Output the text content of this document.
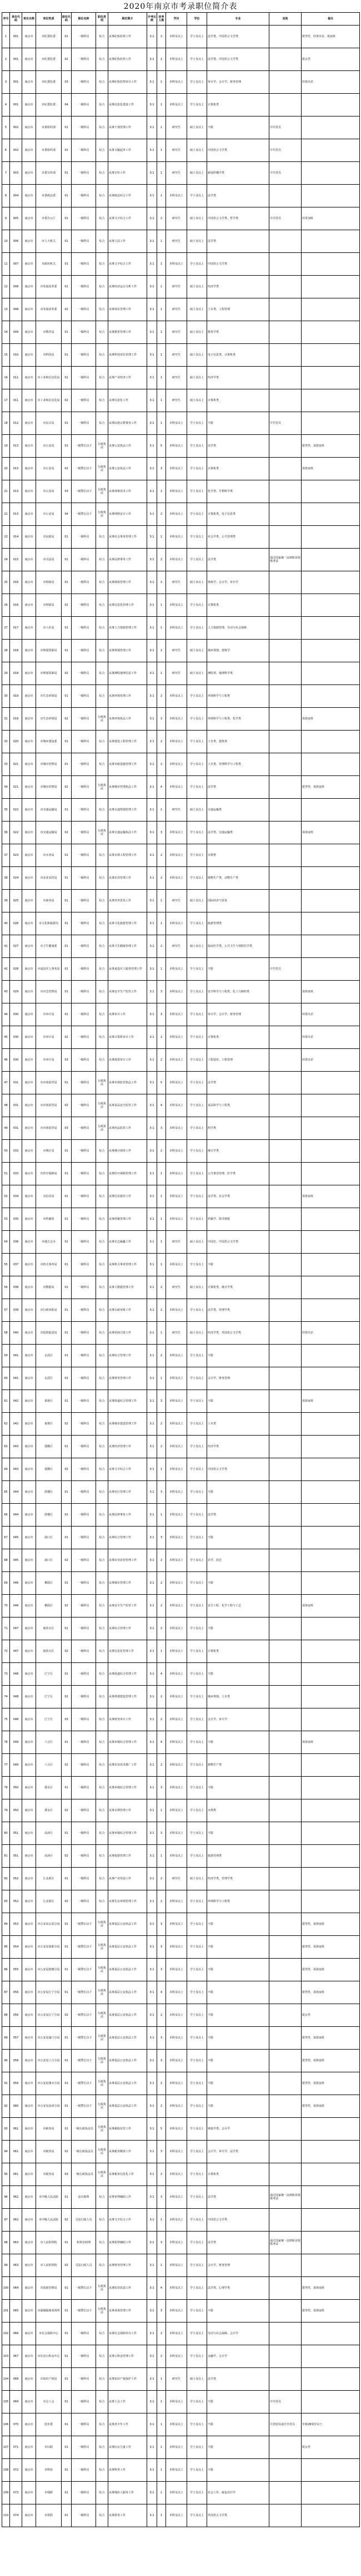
2020年南京市考录职位简介表
序号	单位代码	单位名称	单位性质	职位代码	职位名称	职位类别	职位简介	开考比例	招考人数	学历	学位	专业	其他	备注
1	001	南京市	市纪委监委	01	一级科员	综合	从事纪检监察工作	3:1	2	本科及以上	学士及以上	法学类、中国语言文学类		限男性，经常出差、值夜班
2	001	南京市	市纪委监委	02	一级科员	综合	从事纪检监察工作	3:1	2	本科及以上	学士及以上	法学类、中国语言文学类		限女性
3	001	南京市	市纪委监委	03	一级科员	综合	从事纪检监察审计工作	3:1	1	本科及以上	学士及以上	审计学、会计学、财务管理		经常出差
4	001	南京市	市纪委监委	04	一级科员	综合	从事信息化建设工作	3:1	1	本科及以上	学士及以上	计算机类		
5	002	南京市	市委组织部	01	一级科员	综合	从事干部管理工作	3:1	1	研究生	硕士及以上	不限	中共党员	
6	002	南京市	市委组织部	02	一级科员	综合	从事文稿起草工作	3:1	1	研究生	硕士及以上	中国语言文学类	中共党员	
7	003	南京市	市委宣传部	01	一级科员	综合	从事宣传工作	3:1	1	研究生	硕士及以上	新闻传播学类	中共党员	
8	004	南京市	市委政法委	01	一级科员	综合	从事政法综合工作	3:1	1	本科及以上	学士及以上	法学类		
9	005	南京市	市委办公厅	01	一级科员	综合	从事文字综合工作	3:1	2	研究生	硕士及以上	中国语言文学类、哲学类	中共党员	经常加班
10	006	南京市	市人大机关	01	一级科员	综合	从事立法工作	3:1	1	研究生	硕士及以上	法学类		
11	007	南京市	市政协机关	01	一级科员	综合	从事文字综合工作	3:1	1	本科及以上	学士及以上	中国语言文学类		
12	008	南京市	市发展改革委	01	一级科员	综合	从事经济运行分析工作	3:1	1	研究生	硕士及以上	经济学类		
13	008	南京市	市发展改革委	02	一级科员	综合	从事项目管理工作	3:1	1	研究生	硕士及以上	土木类、工程管理		
14	009	南京市	市教育局	01	一级科员	综合	从事教育管理工作	3:1	1	研究生	硕士及以上	教育学类		
15	010	南京市	市科技局	01	一级科员	综合	从事科技项目管理工作	3:1	1	研究生	硕士及以上	电子信息类、计算机类		
16	011	南京市	市工业和信息化局	01	一级科员	综合	从事产业经济工作	3:1	1	研究生	硕士及以上	经济学类		
17	011	南京市	市工业和信息化局	02	一级科员	综合	从事信息化工作	3:1	1	研究生	硕士及以上	计算机类		
18	012	南京市	市民宗局	01	一级科员	综合	从事民族宗教事务工作	3:1	1	本科及以上	学士及以上	不限	中共党员	
19	013	南京市	市公安局	01	一级警长以下	行政执法	从事公安执法工作	3:1	5	本科及以上	学士及以上	法学类		限男性，需值夜班
20	013	南京市	市公安局	02	一级警长以下	行政执法	从事公安执法工作	3:1	3	本科及以上	学士及以上	计算机类		需值夜班
21	013	南京市	市公安局	03	一级警长以下	行政执法	从事刑事技术工作	3:1	2	本科及以上	学士及以上	化学类、生物科学类		
22	013	南京市	市公安局	04	一级警长以下	行政执法	从事网络安全工作	3:1	2	本科及以上	学士及以上	计算机类、电子信息类		
23	014	南京市	市民政局	01	一级科员	综合	从事社会事务管理工作	3:1	1	本科及以上	学士及以上	社会学类、公共管理类		
24	015	南京市	市司法局	01	一级科员	综合	从事法律事务工作	3:1	2	本科及以上	学士及以上	法学类	通过国家统一法律职业资格考试	
25	016	南京市	市财政局	01	一级科员	综合	从事财政管理工作	3:1	2	研究生	硕士及以上	财政学、会计学、审计学		
26	016	南京市	市财政局	02	一级科员	综合	从事信息化管理工作	3:1	1	本科及以上	学士及以上	计算机类		
27	017	南京市	市人社局	01	一级科员	综合	从事人力资源管理工作	3:1	1	本科及以上	学士及以上	人力资源管理、劳动与社会保障		
28	018	南京市	市规划资源局	01	一级科员	综合	从事规划管理工作	3:1	2	研究生	硕士及以上	城乡规划、建筑学		
29	018	南京市	市规划资源局	02	一级科员	综合	从事测绘地理信息工作	3:1	1	研究生	硕士及以上	测绘类、地理科学类		
30	019	南京市	市生态环境局	01	一级科员	综合	从事环境管理工作	3:1	2	本科及以上	学士及以上	环境科学与工程类		
31	019	南京市	市生态环境局	02	一级科员	行政执法	从事环境执法工作	3:1	3	本科及以上	学士及以上	环境科学与工程类、化学类		需值夜班
32	020	南京市	市城乡建设委	01	一级科员	综合	从事建设工程管理工作	3:1	2	本科及以上	学士及以上	土木类、建筑类		
33	021	南京市	市城市管理局	01	一级科员	综合	从事市政设施管理工作	3:1	2	本科及以上	学士及以上	土木类、管理科学与工程类		
34	021	南京市	市城市管理局	02	一级科员	行政执法	从事城市管理执法工作	3:1	4	本科及以上	学士及以上	法学类		限男性，需值夜班
35	022	南京市	市交通运输局	01	一级科员	综合	从事交通规划管理工作	3:1	1	研究生	硕士及以上	交通运输类		
36	022	南京市	市交通运输局	02	一级科员	行政执法	从事交通运输执法工作	3:1	3	本科及以上	学士及以上	法学类、交通运输类		需值夜班
37	023	南京市	市水务局	01	一级科员	综合	从事水利工程管理工作	3:1	2	本科及以上	学士及以上	水利类		
38	024	南京市	市农业农村局	01	一级科员	综合	从事农业管理工作	3:1	2	本科及以上	学士及以上	植物生产类、动物生产类		
39	025	南京市	市商务局	01	一级科员	综合	从事对外贸易工作	3:1	1	研究生	硕士及以上	国际经济与贸易		
40	026	南京市	市文化和旅游局	01	一级科员	综合	从事文化旅游管理工作	3:1	1	本科及以上	学士及以上	旅游管理类		
41	027	南京市	市卫生健康委	01	一级科员	综合	从事卫生健康管理工作	3:1	2	研究生	硕士及以上	临床医学类、公共卫生与预防医学类		
42	028	南京市	市退役军人事务局	01	一级科员	综合	从事退役军人服务管理工作	3:1	1	本科及以上	学士及以上	不限	中共党员	
43	029	南京市	市应急管理局	01	一级科员	综合	从事安全生产监管工作	3:1	3	本科及以上	学士及以上	安全科学与工程类、化工与制药类		需值夜班
44	030	南京市	市审计局	01	一级科员	综合	从事审计工作	3:1	3	本科及以上	学士及以上	审计学、会计学、财务管理		经常出差
45	030	南京市	市审计局	02	一级科员	综合	从事计算机审计工作	3:1	2	本科及以上	学士及以上	计算机类		经常出差
46	030	南京市	市审计局	03	一级科员	综合	从事投资审计工作	3:1	2	本科及以上	学士及以上	工程造价、工程管理		经常出差
47	031	南京市	市市场监管局	01	一级科员	行政执法	从事市场监管执法工作	3:1	5	本科及以上	学士及以上	法学类		
48	031	南京市	市市场监管局	02	一级科员	行政执法	从事食品安全监管工作	3:1	4	本科及以上	学士及以上	食品科学与工程类		
49	031	南京市	市市场监管局	03	一级科员	行政执法	从事药品监管工作	3:1	3	本科及以上	学士及以上	药学类		
50	032	南京市	市统计局	01	一级科员	综合	从事统计调查工作	3:1	2	本科及以上	学士及以上	统计学类		
51	033	南京市	市医疗保障局	01	一级科员	综合	从事医疗保障管理工作	3:1	1	本科及以上	学士及以上	公共事业管理、医学类		
52	034	南京市	市信访局	01	一级科员	综合	从事信访接待工作	3:1	1	本科及以上	学士及以上	法学类、社会学类		需值夜班
53	035	南京市	市档案馆	01	一级科员	综合	从事档案管理工作	3:1	1	本科及以上	学士及以上	档案学、图书情报		
54	036	南京市	市地方志办	01	一级科员	综合	从事史志编纂工作	3:1	1	研究生	硕士及以上	中国史、中国语言文学类		
55	037	南京市	市机关事务局	01	一级科员	综合	从事机关事务管理工作	3:1	1	本科及以上	学士及以上	不限		
56	038	南京市	市数据局	01	一级科员	综合	从事大数据管理工作	3:1	2	研究生	硕士及以上	计算机类、统计学类		
57	039	南京市	市行政审批局	01	一级科员	综合	从事行政审批工作	3:1	2	本科及以上	学士及以上	法学类、管理学类		
58	040	南京市	市投资促进局	01	一级科员	综合	从事招商引资工作	3:1	1	研究生	硕士及以上	经济学类、外国语言文学类		经常出差
59	041	南京市	玄武区	01	一级科员	综合	从事综合管理工作	3:1	2	本科及以上	学士及以上	不限		
60	041	南京市	玄武区	02	一级科员	综合	从事财务管理工作	3:1	1	本科及以上	学士及以上	会计学、财务管理		
61	042	南京市	秦淮区	01	一级科员	综合	从事街道综合管理工作	3:1	3	本科及以上	学士及以上	不限		需值夜班
62	042	南京市	秦淮区	02	一级科员	综合	从事城市建设管理工作	3:1	2	本科及以上	学士及以上	土木类		
63	043	南京市	建邺区	01	一级科员	综合	从事经济管理工作	3:1	2	本科及以上	学士及以上	经济学类		
64	043	南京市	建邺区	02	一级科员	综合	从事文字综合工作	3:1	1	本科及以上	学士及以上	中国语言文学类		
65	044	南京市	鼓楼区	01	一级科员	综合	从事社区管理工作	3:1	3	本科及以上	学士及以上	不限		
66	044	南京市	鼓楼区	02	一级科员	综合	从事法律事务工作	3:1	1	本科及以上	学士及以上	法学类		
67	045	南京市	浦口区	01	一级科员	综合	从事综合管理工作	3:1	3	本科及以上	学士及以上	不限		
68	045	南京市	浦口区	02	一级科员	综合	从事农业农村管理工作	3:1	2	本科及以上	学士及以上	农学、园艺		
69	046	南京市	栖霞区	01	一级科员	综合	从事城市管理工作	3:1	2	本科及以上	学士及以上	不限		
70	046	南京市	栖霞区	02	一级科员	综合	从事安全生产监管工作	3:1	2	本科及以上	学士及以上	安全工程、化学工程与工艺		需值夜班
71	047	南京市	雨花台区	01	一级科员	综合	从事综合管理工作	3:1	2	本科及以上	学士及以上	不限		
72	047	南京市	雨花台区	02	一级科员	综合	从事信息化管理工作	3:1	1	本科及以上	学士及以上	计算机类		
73	048	南京市	江宁区	01	一级科员	综合	从事街道综合管理工作	3:1	4	本科及以上	学士及以上	不限		
74	048	南京市	江宁区	02	一级科员	综合	从事规划建设管理工作	3:1	2	本科及以上	学士及以上	城乡规划、土木类		
75	048	南京市	江宁区	03	一级科员	综合	从事财务审计工作	3:1	2	本科及以上	学士及以上	会计学、审计学		
76	049	南京市	六合区	01	一级科员	综合	从事乡镇综合管理工作	3:1	4	本科及以上	学士及以上	不限		需值夜班
77	049	南京市	六合区	02	一级科员	综合	从事农业技术推广工作	3:1	2	本科及以上	学士及以上	植物生产类		
78	050	南京市	溧水区	01	一级科员	综合	从事乡镇综合管理工作	3:1	3	本科及以上	学士及以上	不限		
79	050	南京市	溧水区	02	一级科员	综合	从事水利管理工作	3:1	1	本科及以上	学士及以上	水利类		
80	051	南京市	高淳区	01	一级科员	综合	从事乡镇综合管理工作	3:1	3	本科及以上	学士及以上	不限		
81	051	南京市	高淳区	02	一级科员	综合	从事旅游管理工作	3:1	1	本科及以上	学士及以上	旅游管理类		
82	052	南京市	江北新区	01	一级科员	综合	从事产业发展工作	3:1	2	研究生	硕士及以上	经济学类、管理学类		
83	052	南京市	江北新区	02	一级科员	综合	从事生态环境管理工作	3:1	2	本科及以上	学士及以上	环境科学与工程类		
84	053	南京市	市公安局玄武分局	01	一级警长以下	行政执法	从事基层公安执法工作	3:1	3	本科及以上	学士及以上	不限		限男性，需值夜班
85	054	南京市	市公安局秦淮分局	01	一级警长以下	行政执法	从事基层公安执法工作	3:1	3	本科及以上	学士及以上	不限		限男性，需值夜班
86	055	南京市	市公安局鼓楼分局	01	一级警长以下	行政执法	从事基层公安执法工作	3:1	3	本科及以上	学士及以上	不限		限男性，需值夜班
87	056	南京市	市公安局江宁分局	01	一级警长以下	行政执法	从事基层公安执法工作	3:1	4	本科及以上	学士及以上	不限		限男性，需值夜班
88	056	南京市	市公安局江宁分局	02	一级警长以下	行政执法	从事基层公安执法工作	3:1	2	本科及以上	学士及以上	不限		限女性
89	057	南京市	市公安局浦口分局	01	一级警长以下	行政执法	从事基层公安执法工作	3:1	3	本科及以上	学士及以上	不限		限男性，需值夜班
90	058	南京市	市公安局六合分局	01	一级警长以下	行政执法	从事基层公安执法工作	3:1	3	本科及以上	学士及以上	不限		限男性，需值夜班
91	059	南京市	市公安局溧水分局	01	一级警长以下	行政执法	从事基层公安执法工作	3:1	2	本科及以上	学士及以上	不限		限男性，需值夜班
92	060	南京市	市公安局高淳分局	01	一级警长以下	行政执法	从事基层公安执法工作	3:1	2	本科及以上	学士及以上	不限		限男性，需值夜班
93	061	南京市	市税务局	01	一级行政执法员	行政执法	从事税收征管工作	3:1	5	本科及以上	学士及以上	财政学类、会计学		
94	061	南京市	市税务局	02	一级行政执法员	行政执法	从事税务稽查工作	3:1	3	本科及以上	学士及以上	会计学、审计学、法学类		
95	061	南京市	市税务局	03	一级行政执法员	行政执法	从事税务信息化工作	3:1	2	本科及以上	学士及以上	计算机类		
96	062	南京市	市中级人民法院	01	法官助理	综合	从事审判辅助工作	3:1	3	本科及以上	学士及以上	法学类	通过国家统一法律职业资格考试	
97	062	南京市	市中级人民法院	02	司法行政人员	综合	从事文字综合工作	3:1	1	本科及以上	学士及以上	中国语言文学类		
98	063	南京市	市人民检察院	01	检察官助理	综合	从事检察辅助工作	3:1	3	本科及以上	学士及以上	法学类	通过国家统一法律职业资格考试	
99	063	南京市	市人民检察院	02	司法行政人员	综合	从事财务管理工作	3:1	1	本科及以上	学士及以上	会计学、财务管理		
100	064	南京市	市监狱管理局	01	一级警长以下	行政执法	从事监管改造工作	3:1	4	本科及以上	学士及以上	法学类、心理学类		限男性，需值夜班
101	065	南京市	市强制隔离戒毒所	01	一级警长以下	行政执法	从事戒毒管理工作	3:1	3	本科及以上	学士及以上	不限		限男性，需值夜班
102	066	南京市	市社会保险中心	01	一级科员	综合	从事社会保险经办工作	3:1	2	本科及以上	学士及以上	劳动与社会保障、会计学		
103	067	南京市	市住房公积金中心	01	一级科员	综合	从事公积金管理工作	3:1	2	本科及以上	学士及以上	金融学、会计学		
104	068	南京市	市知识产权局	01	一级科员	综合	从事知识产权保护工作	3:1	1	研究生	硕士及以上	法学类		
105	069	南京市	市总工会	01	一级科员	综合	从事工会工作	3:1	1	本科及以上	学士及以上	不限	中共党员	
106	070	南京市	团市委	01	一级科员	综合	从事青少年工作	3:1	1	本科及以上	学士及以上	不限	共青团员或中共党员	年龄28周岁以下
107	071	南京市	市妇联	01	一级科员	综合	从事妇女儿童工作	3:1	1	本科及以上	学士及以上	不限		限女性
108	072	南京市	市科协	01	一级科员	综合	从事科普工作	3:1	1	本科及以上	学士及以上	不限		
109	073	南京市	市残联	01	一级科员	综合	从事残疾人服务工作	3:1	1	本科及以上	学士及以上	社会工作、康复治疗学		
110	074	南京市	市侨联	01	一级科员	综合	从事侨务工作	3:1	1	本科及以上	学士及以上	外国语言文学类		
